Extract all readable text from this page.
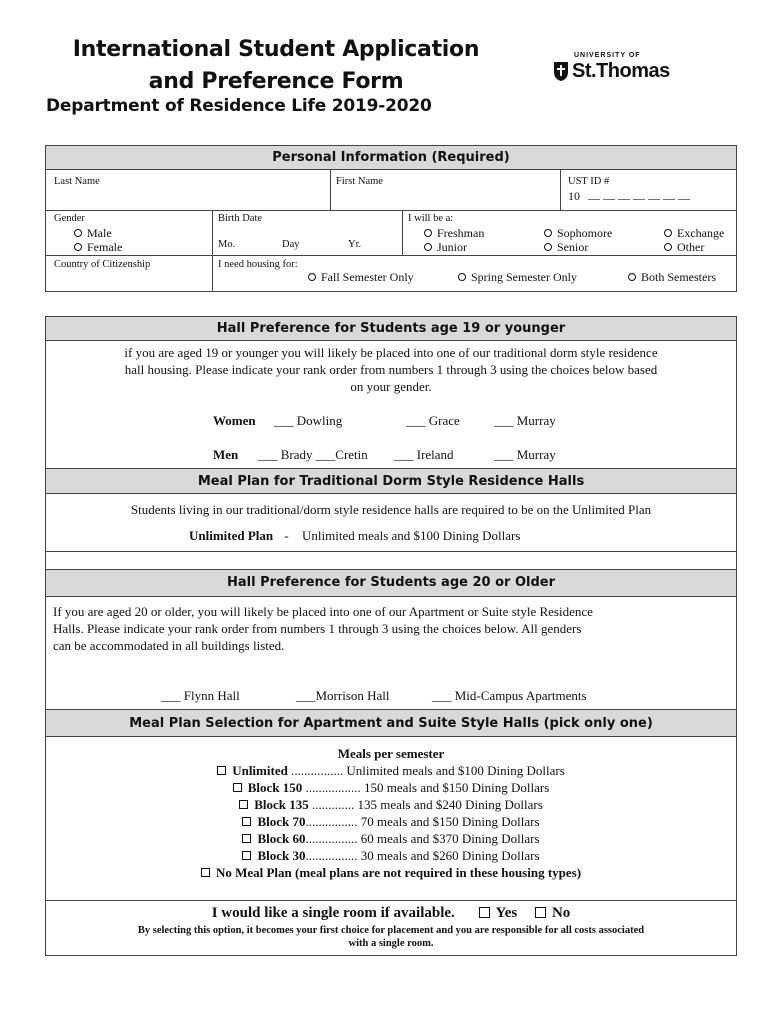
International Student Application
and Preference Form
Department of Residence Life 2019-2020
UNIVERSITY OF
St.Thomas
Personal Information (Required)
Last Name	First Name	UST ID #
10 __ __ __ __ __ __ __
Gender
Male
Female
Birth Date
Mo.	Day	Yr.
I will be a:
Freshman	Sophomore	Exchange
Junior	Senior	Other
Country of Citizenship	I need housing for:
Fall Semester Only	Spring Semester Only	Both Semesters
Hall Preference for Students age 19 or younger
if you are aged 19 or younger you will likely be placed into one of our traditional dorm style residence
hall housing. Please indicate your rank order from numbers 1 through 3 using the choices below based
on your gender.
Women ___ Dowling	___ Grace	___ Murray
Men ___ Brady ___Cretin ___ Ireland	___ Murray
Meal Plan for Traditional Dorm Style Residence Halls
Students living in our traditional/dorm style residence halls are required to be on the Unlimited Plan
Unlimited Plan - Unlimited meals and $100 Dining Dollars
Hall Preference for Students age 20 or Older
If you are aged 20 or older, you will likely be placed into one of our Apartment or Suite style Residence
Halls. Please indicate your rank order from numbers 1 through 3 using the choices below. All genders
can be accommodated in all buildings listed.
___ Flynn Hall	___Morrison Hall	___ Mid-Campus Apartments
Meal Plan Selection for Apartment and Suite Style Halls (pick only one)
Meals per semester
Unlimited ................ Unlimited meals and $100 Dining Dollars
Block 150 ................. 150 meals and $150 Dining Dollars
Block 135 ............. 135 meals and $240 Dining Dollars
Block 70................ 70 meals and $150 Dining Dollars
Block 60................ 60 meals and $370 Dining Dollars
Block 30................ 30 meals and $260 Dining Dollars
No Meal Plan (meal plans are not required in these housing types)
I would like a single room if available.	Yes No
By selecting this option, it becomes your first choice for placement and you are responsible for all costs associated
with a single room.
